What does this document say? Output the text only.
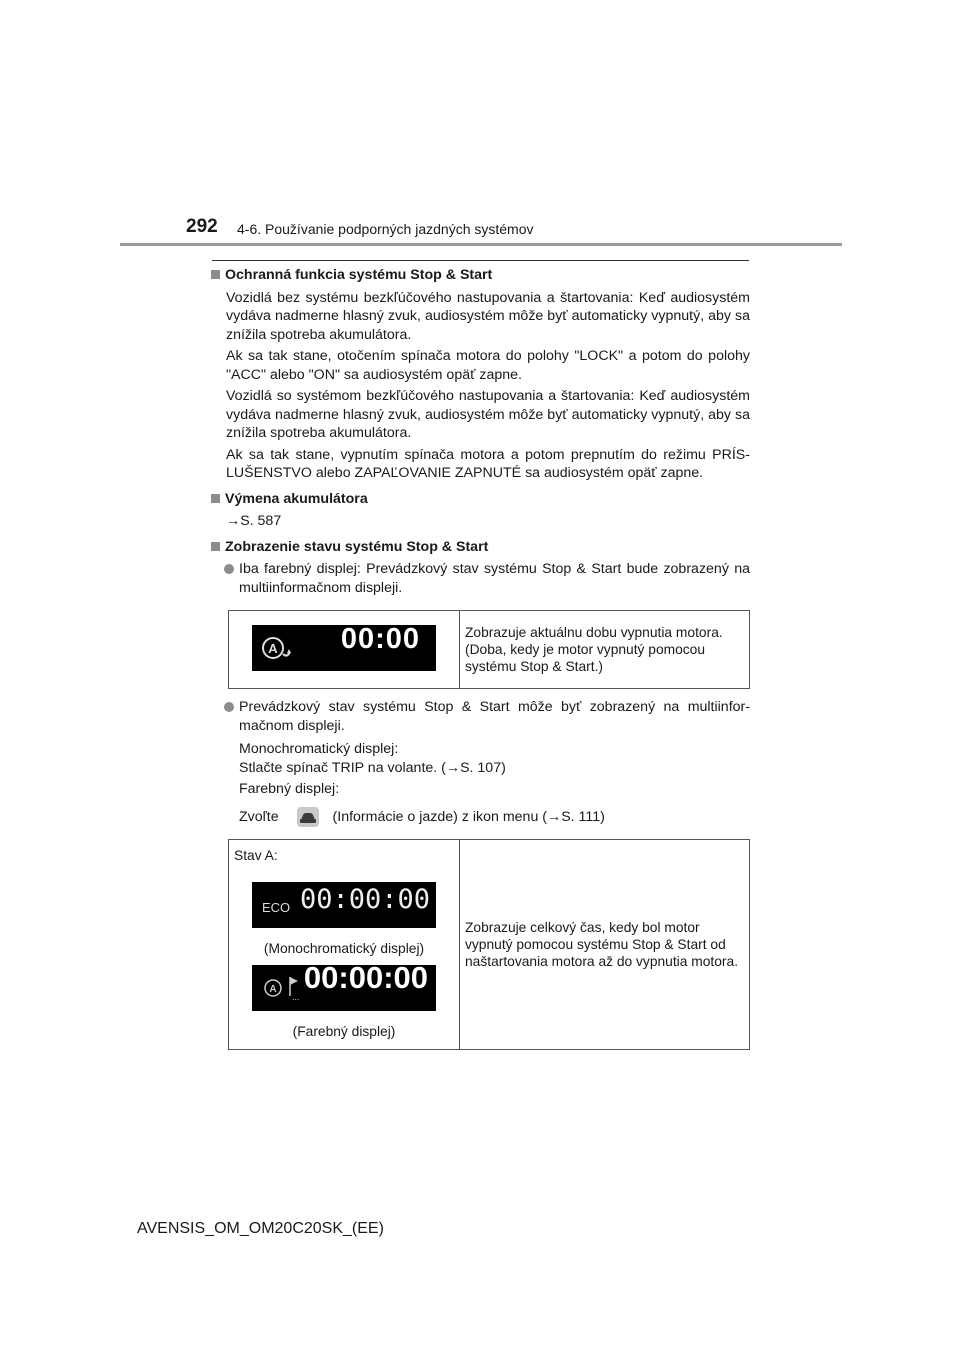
292 4-6. Používanie podporných jazdných systémov
Ochranná funkcia systému Stop & Start
Vozidlá bez systému bezkľúčového nastupovania a štartovania: Keď audiosystém vydáva nadmerne hlasný zvuk, audiosystém môže byť automaticky vypnutý, aby sa znížila spotreba akumulátora.
Ak sa tak stane, otočením spínača motora do polohy "LOCK" a potom do polohy "ACC" alebo "ON" sa audiosystém opäť zapne.
Vozidlá so systémom bezkľúčového nastupovania a štartovania: Keď audiosystém vydáva nadmerne hlasný zvuk, audiosystém môže byť automaticky vypnutý, aby sa znížila spotreba akumulátora.
Ak sa tak stane, vypnutím spínača motora a potom prepnutím do režimu PRÍSLUŠENSTVO alebo ZAPAĽOVANIE ZAPNUTÉ sa audiosystém opäť zapne.
Výmena akumulátora
→S. 587
Zobrazenie stavu systému Stop & Start
Iba farebný displej: Prevádzkový stav systému Stop & Start bude zobrazený na multiinformačnom displeji.
A 00:00	Zobrazuje aktuálnu dobu vypnutia motora. (Doba, kedy je motor vypnutý pomocou systému Stop & Start.)
Prevádzkový stav systému Stop & Start môže byť zobrazený na multiinformačnom displeji.
Monochromatický displej:
Stlačte spínač TRIP na volante. (→S. 107)
Farebný displej:
Zvoľte	(Informácie o jazde) z ikon menu (→S. 111)
Stav A:
ECO 00:00:00
(Monochromatický displej)
A
...
00:00:00
(Farebný displej)
	Zobrazuje celkový čas, kedy bol motor vypnutý pomocou systému Stop & Start od naštartovania motora až do vypnutia motora.
AVENSIS_OM_OM20C20SK_(EE)
